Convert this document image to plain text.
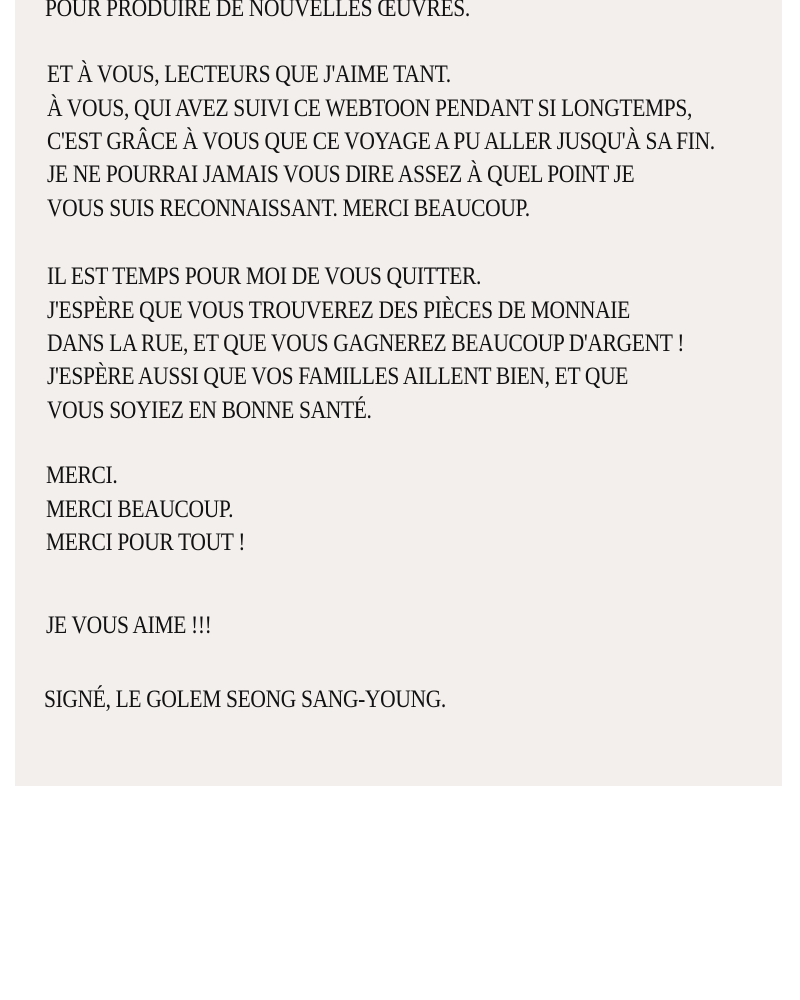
POUR PRODUIRE DE NOUVELLES ŒUVRES.

ET À VOUS, LECTEURS QUE J'AIME TANT.

À VOUS, QUI AVEZ SUIVI CE WEBTOON PENDANT SI LONGTEMPS,

C'EST GRÂCE À VOUS QUE CE VOYAGE A PU ALLER JUSQU'À SA FIN.

JE NE POURRAI JAMAIS VOUS DIRE ASSEZ À QUEL POINT JE

VOUS SUIS RECONNAISSANT. MERCI BEAUCOUP.

IL EST TEMPS POUR MOI DE VOUS QUITTER.

J'ESPÈRE QUE VOUS TROUVEREZ DES PIÈCES DE MONNAIE

DANS LA RUE, ET QUE VOUS GAGNEREZ BEAUCOUP D'ARGENT !

J'ESPÈRE AUSSI QUE VOS FAMILLES AILLENT BIEN, ET QUE

VOUS SOYIEZ EN BONNE SANTÉ.

MERCI.

MERCI BEAUCOUP.

MERCI POUR TOUT !

JE VOUS AIME !!!

SIGNÉ, LE GOLEM SEONG SANG-YOUNG.
